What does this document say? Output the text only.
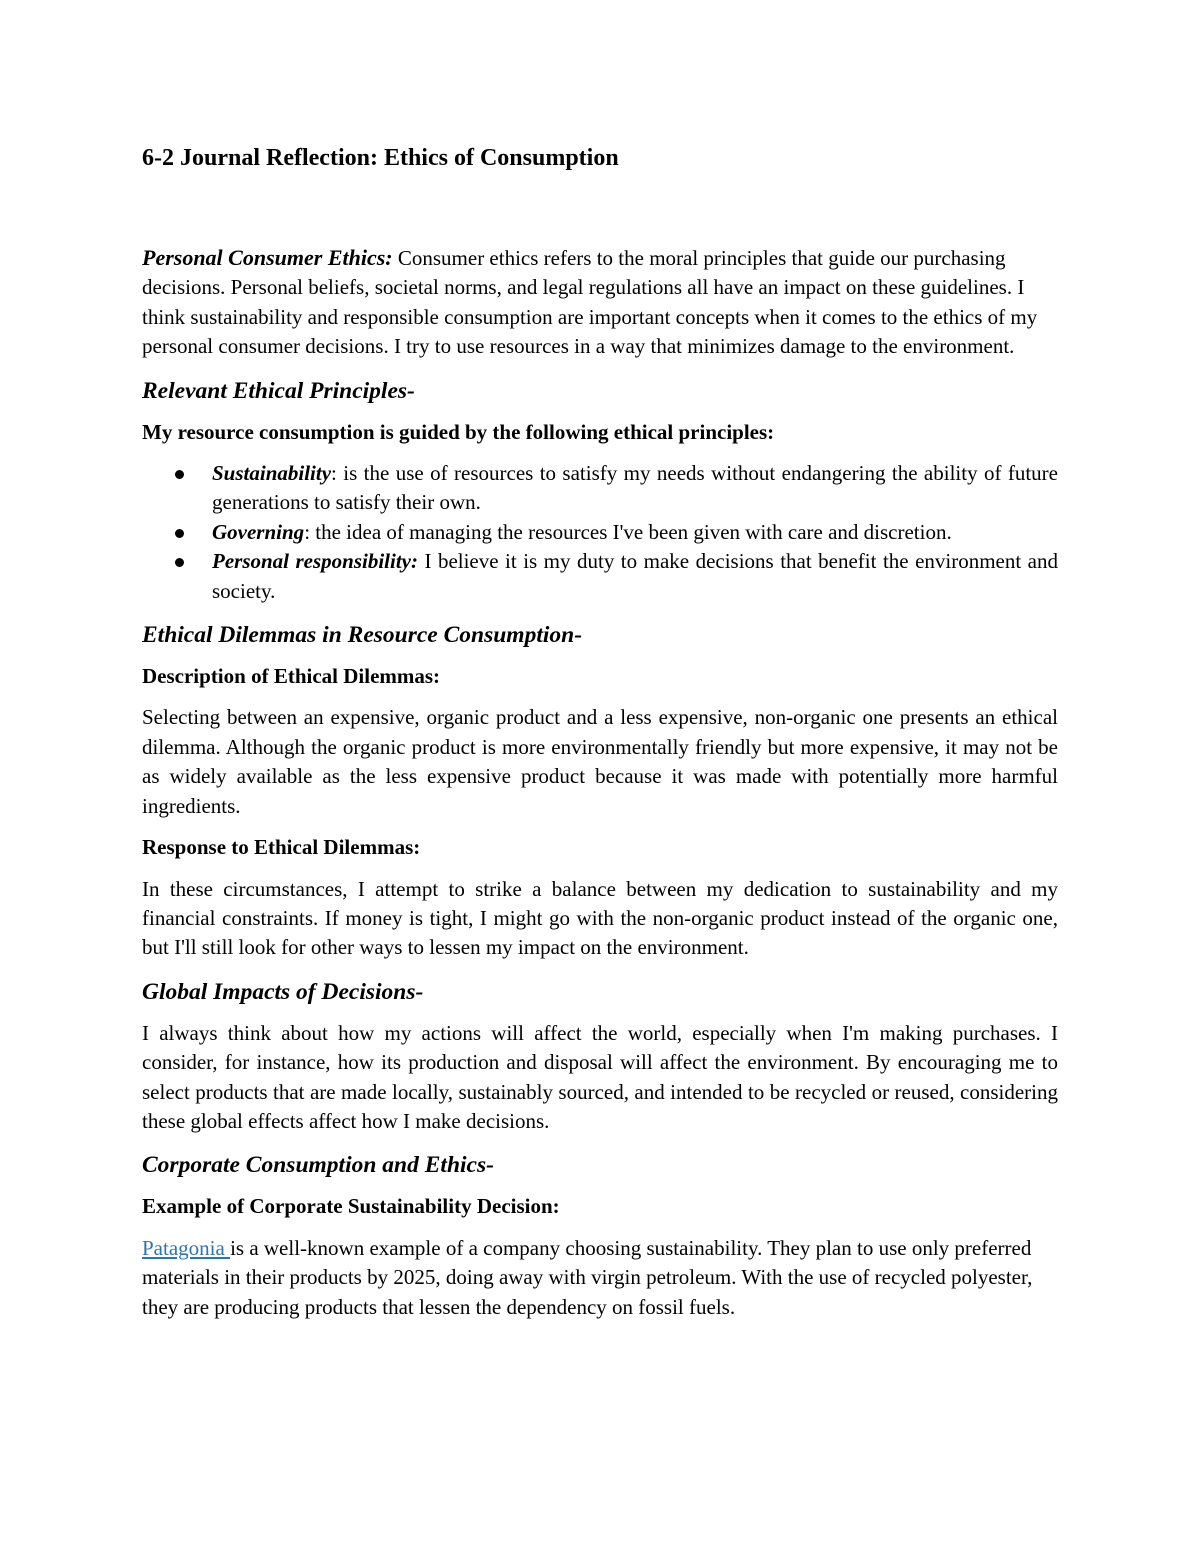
6-2 Journal Reflection: Ethics of Consumption

Personal Consumer Ethics: Consumer ethics refers to the moral principles that guide our purchasing decisions. Personal beliefs, societal norms, and legal regulations all have an impact on these guidelines. I think sustainability and responsible consumption are important concepts when it comes to the ethics of my personal consumer decisions. I try to use resources in a way that minimizes damage to the environment.

Relevant Ethical Principles-

My resource consumption is guided by the following ethical principles:

Sustainability: is the use of resources to satisfy my needs without endangering the ability of future generations to satisfy their own.
Governing: the idea of managing the resources I've been given with care and discretion.
Personal responsibility: I believe it is my duty to make decisions that benefit the environment and society.
Ethical Dilemmas in Resource Consumption-

Description of Ethical Dilemmas:

Selecting between an expensive, organic product and a less expensive, non-organic one presents an ethical dilemma. Although the organic product is more environmentally friendly but more expensive, it may not be as widely available as the less expensive product because it was made with potentially more harmful ingredients.

Response to Ethical Dilemmas:

In these circumstances, I attempt to strike a balance between my dedication to sustainability and my financial constraints. If money is tight, I might go with the non-organic product instead of the organic one, but I'll still look for other ways to lessen my impact on the environment.

Global Impacts of Decisions-

I always think about how my actions will affect the world, especially when I'm making purchases. I consider, for instance, how its production and disposal will affect the environment. By encouraging me to select products that are made locally, sustainably sourced, and intended to be recycled or reused, considering these global effects affect how I make decisions.

Corporate Consumption and Ethics-

Example of Corporate Sustainability Decision:

Patagonia is a well-known example of a company choosing sustainability. They plan to use only preferred materials in their products by 2025, doing away with virgin petroleum. With the use of recycled polyester, they are producing products that lessen the dependency on fossil fuels.
